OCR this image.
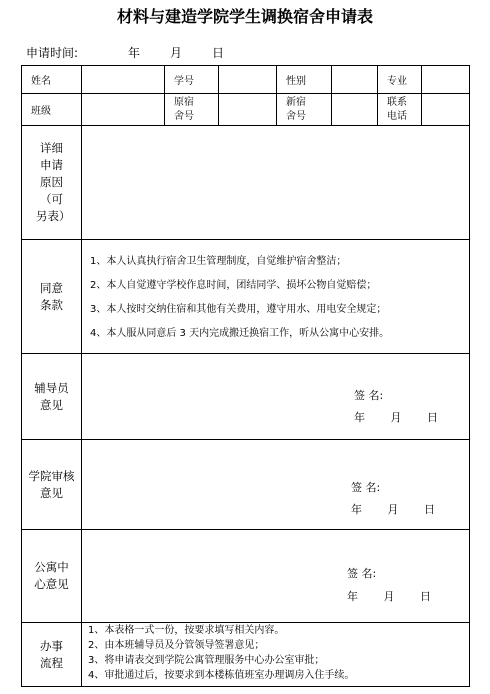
材料与建造学院学生调换宿舍申请表
申请时间:	年 月 日
姓名		学号		性别		专业	
班级		原宿舍号		新宿舍号		联系电话	
详细申请原因（可另表）							
同意条款	1、本人认真执行宿舍卫生管理制度，自觉维护宿舍整洁；
2、本人自觉遵守学校作息时间，团结同学、损坏公物自觉赔偿；
3、本人按时交纳住宿和其他有关费用，遵守用水、用电安全规定；
4、本人服从同意后 3 天内完成搬迁换宿工作，听从公寓中心安排。						

辅导员意见	签 名:
年 月 日						

学院审核意见	签 名:
年 月 日						

公寓中心意见	签 名:
年 月 日						

办事流程	1、本表格一式一份，按要求填写相关内容。
2、由本班辅导员及分管领导签署意见；
3、将申请表交到学院公寓管理服务中心办公室审批；
4、审批通过后，按要求到本楼栋值班室办理调房入住手续。						
